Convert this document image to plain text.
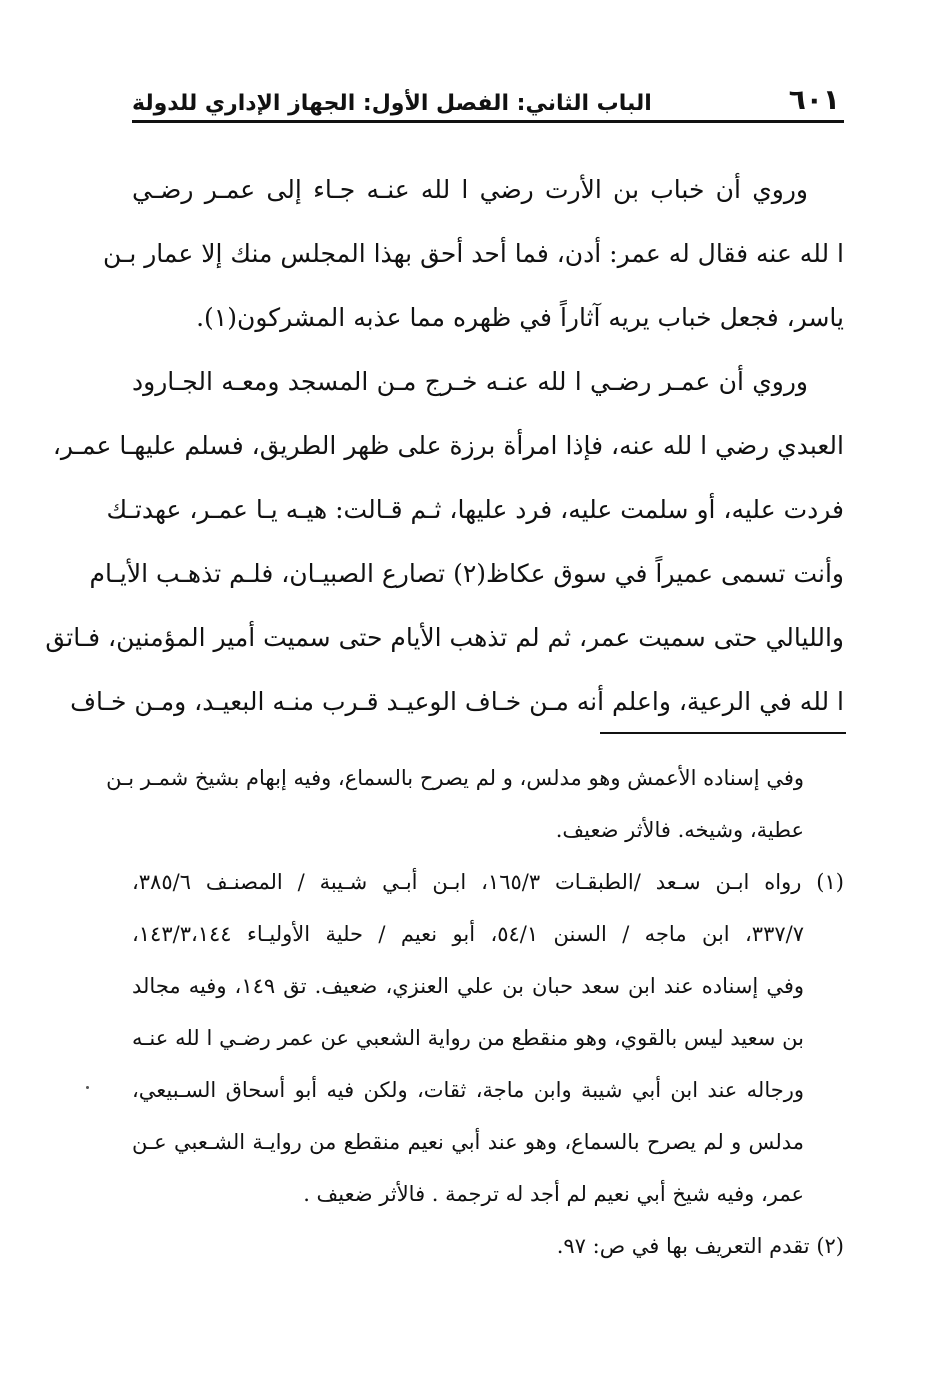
٦٠١
الباب الثاني: الفصل الأول: الجهاز الإداري للدولة
وروي أن خباب بن الأرت رضي ا لله عنـه جـاء إلى عمـر رضـي
ا لله عنه فقال له عمر: أدن، فما أحد أحق بهذا المجلس منك إلا عمار بـن
ياسر، فجعل خباب يريه آثاراً في ظهره مما عذبه المشركون(١).
وروي أن عمـر رضـي ا لله عنـه خـرج مـن المسجد ومعـه الجـارود
العبدي رضي ا لله عنه، فإذا امرأة برزة على ظهر الطريق، فسلم عليهـا عمـر،
فردت عليه، أو سلمت عليه، فرد عليها، ثـم قـالت: هيـه يـا عمـر، عهدتـك
وأنت تسمى عميراً في سوق عكاظ(٢) تصارع الصبيـان، فلـم تذهـب الأيـام
والليالي حتى سميت عمر، ثم لم تذهب الأيام حتى سميت أمير المؤمنين، فـاتق
ا لله في الرعية، واعلم أنه مـن خـاف الوعيـد قـرب منـه البعيـد، ومـن خـاف
وفي إسناده الأعمش وهو مدلس، و لم يصرح بالسماع، وفيه إبهام بشيخ شمـر بـن
عطية، وشيخه. فالأثر ضعيف.
(١) رواه ابـن سـعد /الطبقـات ١٦٥/٣، ابـن أبـي شـيبة / المصنـف ٣٨٥/٦،
٣٣٧/٧، ابن ماجه / السنن ٥٤/١، أبو نعيم / حلية الأوليـاء ١٤٣/٣،١٤٤،
وفي إسناده عند ابن سعد حبان بن علي العنزي، ضعيف. تق ١٤٩، وفيه مجالد
بن سعيد ليس بالقوي، وهو منقطع من رواية الشعبي عن عمر رضـي ا لله عنـه
ورجاله عند ابن أبي شيبة وابن ماجة، ثقات، ولكن فيه أبو أسحاق السـبيعي،
مدلس و لم يصرح بالسماع، وهو عند أبي نعيم منقطع من روايـة الشـعبي عـن
عمر، وفيه شيخ أبي نعيم لم أجد له ترجمة . فالأثر ضعيف .
(٢) تقدم التعريف بها في ص: ٩٧.
